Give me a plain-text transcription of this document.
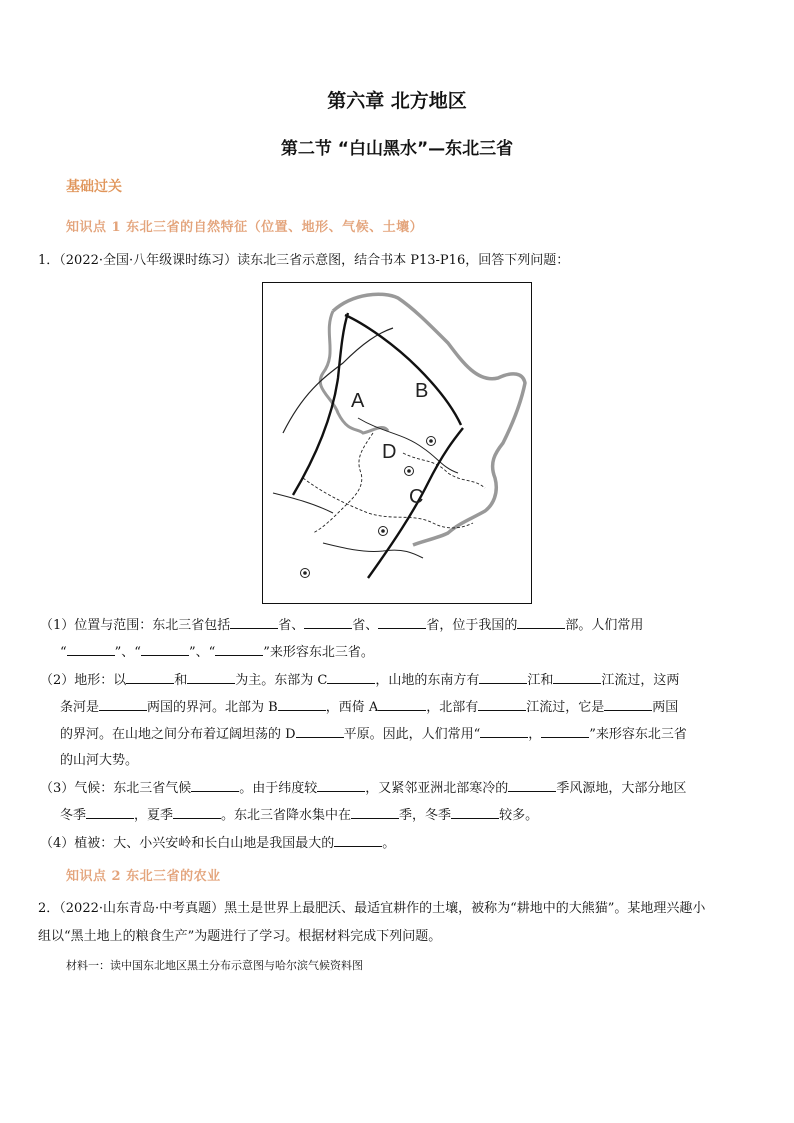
第六章 北方地区
第二节 “白山黑水”—东北三省
基础过关
知识点 1 东北三省的自然特征（位置、地形、气候、土壤）
1．（2022·全国·八年级课时练习）读东北三省示意图，结合书本 P13-P16，回答下列问题：
A	B
D
C
（1）位置与范围：东北三省包括	省、	省、	省，位于我国的	部。人们常用
“	”、“	”、“	”来形容东北三省。
（2）地形：以	和	为主。东部为 C	，山地的东南方有	江和	江流过，这两
条河是	两国的界河。北部为 B	，西倚 A	，北部有	江流过，它是	两国
的界河。在山地之间分布着辽阔坦荡的 D	平原。因此，人们常用“	，	”来形容东北三省
的山河大势。
（3）气候：东北三省气候	。由于纬度较	，又紧邻亚洲北部寒冷的	季风源地，大部分地区
冬季	，夏季	。东北三省降水集中在	季，冬季	较多。
（4）植被：大、小兴安岭和长白山地是我国最大的	。
知识点 2 东北三省的农业
2．（2022·山东青岛·中考真题）黑土是世界上最肥沃、最适宜耕作的土壤，被称为“耕地中的大熊猫”。某地理兴趣小
组以“黑土地上的粮食生产”为题进行了学习。根据材料完成下列问题。
材料一：读中国东北地区黑土分布示意图与哈尔滨气候资料图
